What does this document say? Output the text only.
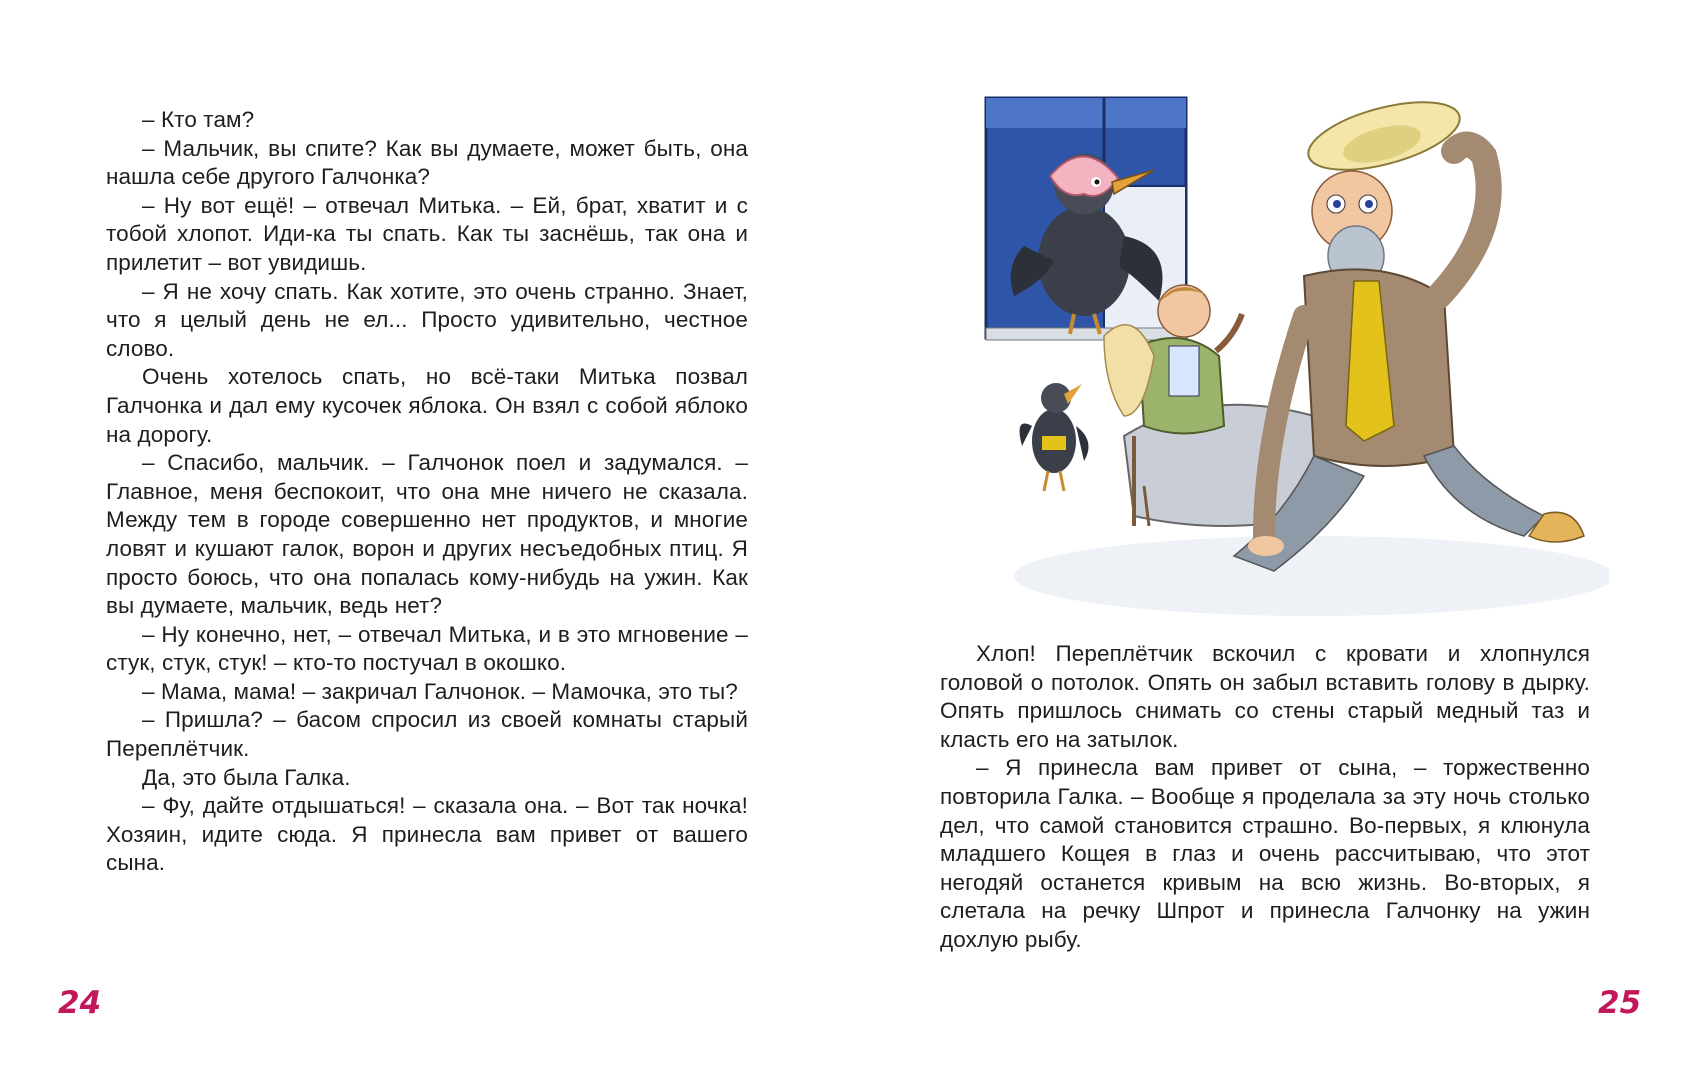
– Кто там?

– Мальчик, вы спите? Как вы думаете, может быть, она нашла себе другого Галчонка?

– Ну вот ещё! – отвечал Митька. – Ей, брат, хватит и с тобой хлопот. Иди-ка ты спать. Как ты заснёшь, так она и прилетит – вот увидишь.

– Я не хочу спать. Как хотите, это очень странно. Знает, что я целый день не ел... Просто удивительно, честное слово.

Очень хотелось спать, но всё-таки Митька позвал Галчонка и дал ему кусочек яблока. Он взял с собой яблоко на дорогу.

– Спасибо, мальчик. – Галчонок поел и задумался. – Главное, меня беспокоит, что она мне ничего не сказала. Между тем в городе совершенно нет продуктов, и многие ловят и кушают галок, ворон и других несъедобных птиц. Я просто боюсь, что она попалась кому-нибудь на ужин. Как вы думаете, мальчик, ведь нет?

– Ну конечно, нет, – отвечал Митька, и в это мгновение – стук, стук, стук! – кто-то постучал в окошко.

– Мама, мама! – закричал Галчонок. – Мамочка, это ты?

– Пришла? – басом спросил из своей комнаты старый Переплётчик.

Да, это была Галка.

– Фу, дайте отдышаться! – сказала она. – Вот так ночка! Хозяин, идите сюда. Я принесла вам привет от вашего сына.

24

Хлоп! Переплётчик вскочил с кровати и хлопнулся головой о потолок. Опять он забыл вставить голову в дырку. Опять пришлось снимать со стены старый медный таз и класть его на затылок.

– Я принесла вам привет от сына, – торжественно повторила Галка. – Вообще я проделала за эту ночь столько дел, что самой становится страшно. Во-первых, я клюнула младшего Кощея в глаз и очень рассчитываю, что этот негодяй останется кривым на всю жизнь. Во-вторых, я слетала на речку Шпрот и принесла Галчонку на ужин дохлую рыбу.

25
